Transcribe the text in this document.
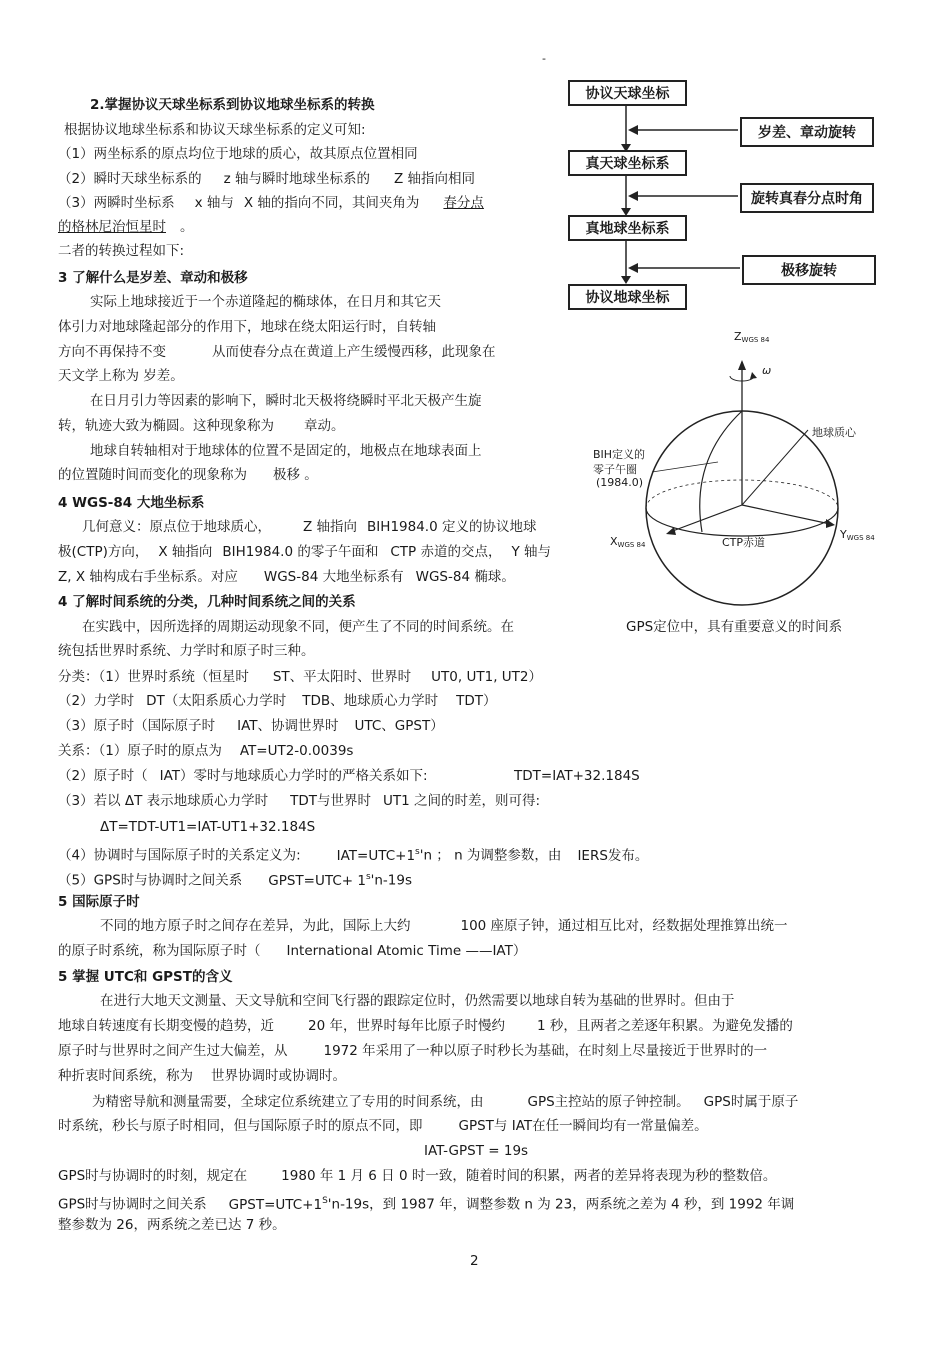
-
协议天球坐标
真天球坐标系
真地球坐标系
协议地球坐标
岁差、章动旋转
旋转真春分点时角
极移旋转
ZWGS 84
ω
地球质心
BIH定义的
零子午圈
(1984.0)
XWGS 84	CTP赤道
YWGS 84
2.掌握协议天球坐标系到协议地球坐标系的转换
根据协议地球坐标系和协议天球坐标系的定义可知:
（1）两坐标系的原点均位于地球的质心，故其原点位置相同
（2）瞬时天球坐标系的 z 轴与瞬时地球坐标系的 Z 轴指向相同
（3）两瞬时坐标系 x 轴与 X 轴的指向不同，其间夹角为 春分点
的格林尼治恒星时 。
二者的转换过程如下:
3 了解什么是岁差、章动和极移
实际上地球接近于一个赤道隆起的椭球体，在日月和其它天
体引力对地球隆起部分的作用下，地球在绕太阳运行时，自转轴
方向不再保持不变	从而使春分点在黄道上产生缓慢西移，此现象在
天文学上称为 岁差。
在日月引力等因素的影响下，瞬时北天极将绕瞬时平北天极产生旋
转，轨迹大致为椭圆。这种现象称为 章动。
地球自转轴相对于地球体的位置不是固定的，地极点在地球表面上
的位置随时间而变化的现象称为 极移 。
4 WGS-84 大地坐标系
几何意义：原点位于地球质心， Z 轴指向 BIH1984.0 定义的协议地球
极(CTP)方向， X 轴指向 BIH1984.0 的零子午面和 CTP 赤道的交点， Y 轴与
Z, X 轴构成右手坐标系。对应 WGS-84 大地坐标系有 WGS-84 椭球。
4 了解时间系统的分类，几种时间系统之间的关系
在实践中，因所选择的周期运动现象不同，便产生了不同的时间系统。在	GPS定位中，具有重要意义的时间系
统包括世界时系统、力学时和原子时三种。
分类：（1）世界时系统（恒星时 ST、平太阳时、世界时 UT0, UT1, UT2）
（2）力学时 DT（太阳系质心力学时 TDB、地球质心力学时 TDT）
（3）原子时（国际原子时 IAT、协调世界时 UTC、GPST）
关系：（1）原子时的原点为 AT=UT2-0.0039s
（2）原子时（ IAT）零时与地球质心力学时的严格关系如下:	TDT=IAT+32.184S
（3）若以 ΔT 表示地球质心力学时 TDT与世界时 UT1 之间的时差，则可得:
ΔT=TDT-UT1=IAT-UT1+32.184S
（4）协调时与国际原子时的关系定义为:	$IAT=UTC+1^s'n$ ； n 为调整参数，由 IERS发布。
（5）GPS时与协调时之间关系 GPST=UTC+ $1^s'n-19s$
5 国际原子时
不同的地方原子时之间存在差异，为此，国际上大约	100 座原子钟，通过相互比对，经数据处理推算出统一
的原子时系统，称为国际原子时（ International Atomic Time ——IAT）
5 掌握 UTC和 GPST的含义
在进行大地天文测量、天文导航和空间飞行器的跟踪定位时，仍然需要以地球自转为基础的世界时。但由于
地球自转速度有长期变慢的趋势，近	20 年，世界时每年比原子时慢约 1 秒，且两者之差逐年积累。为避免发播的
原子时与世界时之间产生过大偏差，从	1972 年采用了一种以原子时秒长为基础，在时刻上尽量接近于世界时的一
种折衷时间系统，称为 世界协调时或协调时。
为精密导航和测量需要，全球定位系统建立了专用的时间系统，由	GPS主控站的原子钟控制。 GPS时属于原子
时系统，秒长与原子时相同，但与国际原子时的原点不同，即	GPST与 IAT在任一瞬间均有一常量偏差。
IAT-GPST = 19s
GPS时与协调时的时刻，规定在	1980 年 1 月 6 日 0 时一致，随着时间的积累，两者的差异将表现为秒的整数倍。
GPS时与协调时之间关系 $GPST=UTC+1^S'n-19s$，到 1987 年，调整参数 n 为 23，两系统之差为 4 秒，到 1992 年调
整参数为 26，两系统之差已达 7 秒。
2
